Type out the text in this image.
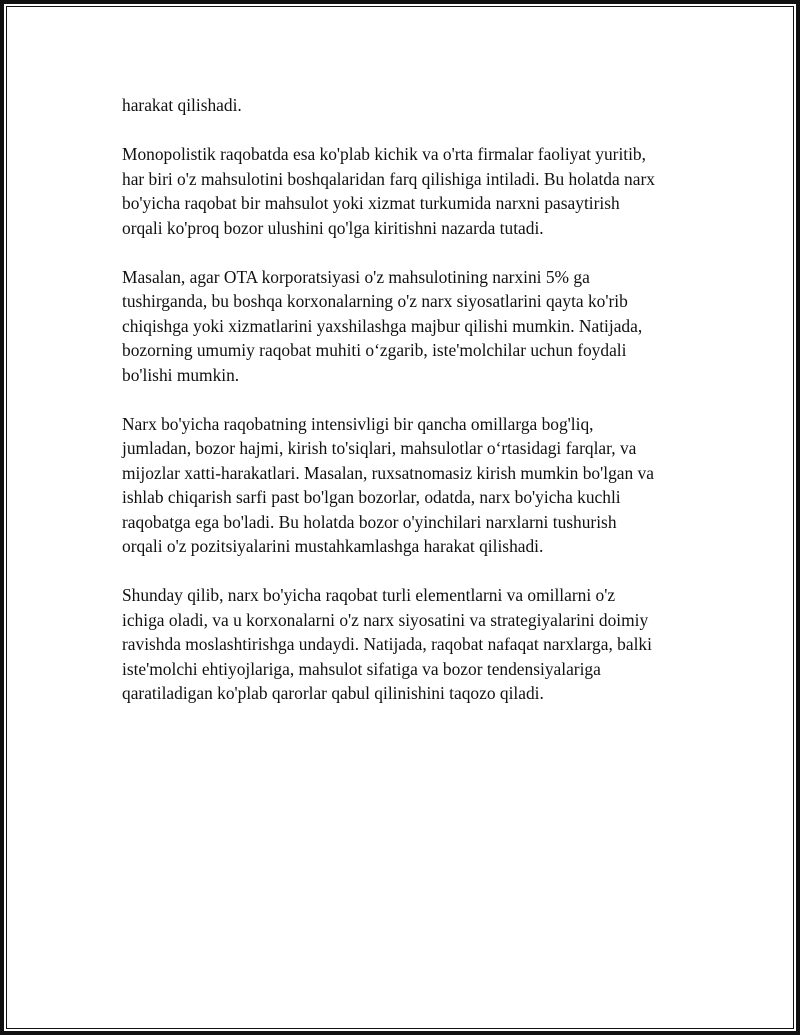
harakat qilishadi.

Monopolistik raqobatda esa ko'plab kichik va o'rta firmalar faoliyat yuritib,
har biri o'z mahsulotini boshqalaridan farq qilishiga intiladi. Bu holatda narx
bo'yicha raqobat bir mahsulot yoki xizmat turkumida narxni pasaytirish
orqali ko'proq bozor ulushini qo'lga kiritishni nazarda tutadi.

Masalan, agar OTA korporatsiyasi o'z mahsulotining narxini 5% ga
tushirganda, bu boshqa korxonalarning o'z narx siyosatlarini qayta ko'rib
chiqishga yoki xizmatlarini yaxshilashga majbur qilishi mumkin. Natijada,
bozorning umumiy raqobat muhiti o‘zgarib, iste'molchilar uchun foydali
bo'lishi mumkin.

Narx bo'yicha raqobatning intensivligi bir qancha omillarga bog'liq,
jumladan, bozor hajmi, kirish to'siqlari, mahsulotlar o‘rtasidagi farqlar, va
mijozlar xatti-harakatlari. Masalan, ruxsatnomasiz kirish mumkin bo'lgan va
ishlab chiqarish sarfi past bo'lgan bozorlar, odatda, narx bo'yicha kuchli
raqobatga ega bo'ladi. Bu holatda bozor o'yinchilari narxlarni tushurish
orqali o'z pozitsiyalarini mustahkamlashga harakat qilishadi.

Shunday qilib, narx bo'yicha raqobat turli elementlarni va omillarni o'z
ichiga oladi, va u korxonalarni o'z narx siyosatini va strategiyalarini doimiy
ravishda moslashtirishga undaydi. Natijada, raqobat nafaqat narxlarga, balki
iste'molchi ehtiyojlariga, mahsulot sifatiga va bozor tendensiyalariga
qaratiladigan ko'plab qarorlar qabul qilinishini taqozo qiladi.
